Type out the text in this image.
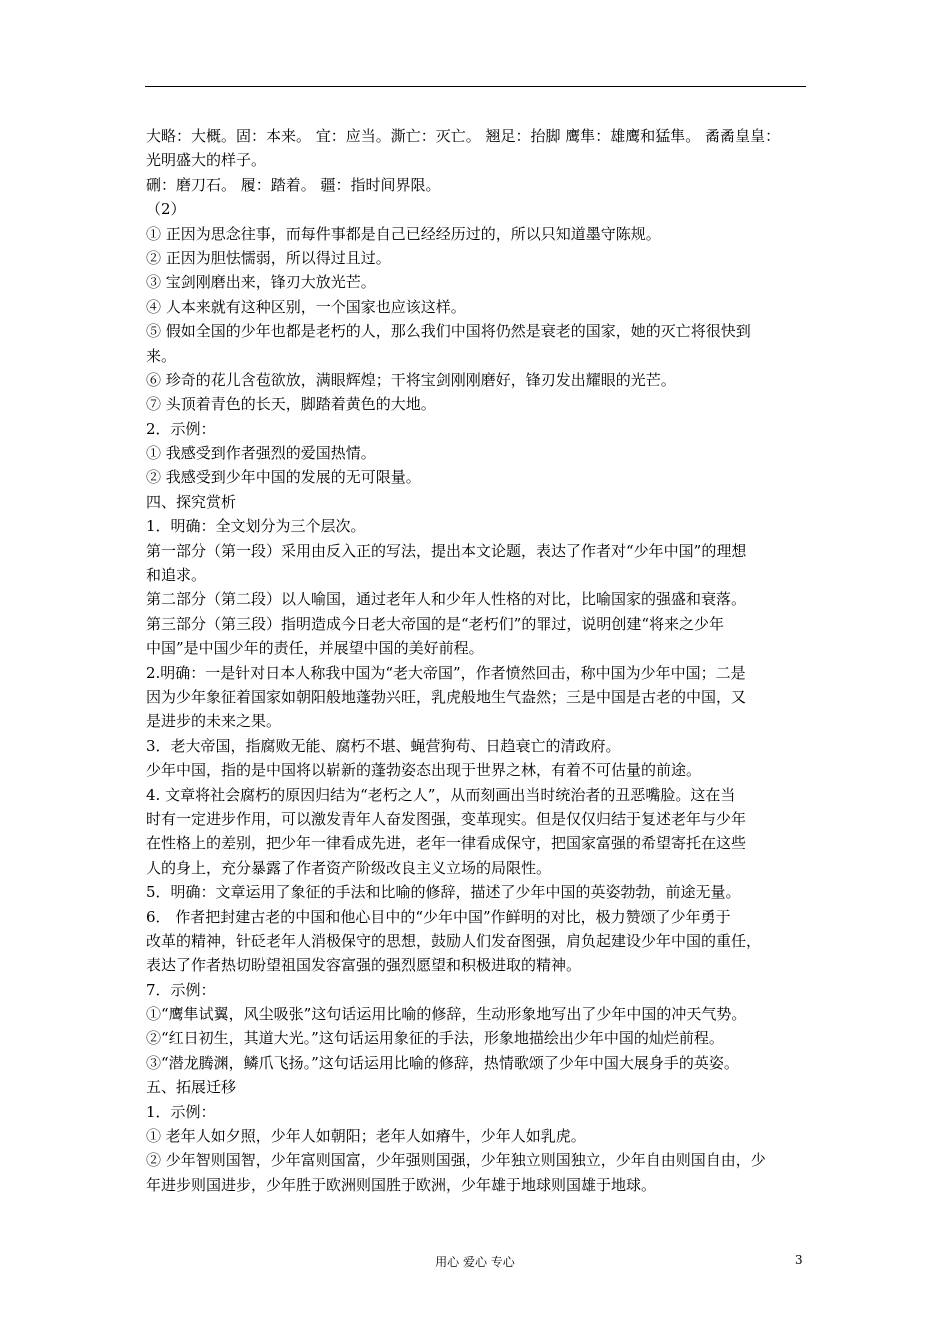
大略：大概。固：本来。 宜：应当。澌亡：灭亡。 翘足：抬脚 鹰隼：雄鹰和猛隼。 矞矞皇皇：
光明盛大的样子。
硎：磨刀石。 履：踏着。 疆：指时间界限。
（2）
① 正因为思念往事，而每件事都是自己已经经历过的，所以只知道墨守陈规。
② 正因为胆怯懦弱，所以得过且过。
③ 宝剑刚磨出来，锋刃大放光芒。
④ 人本来就有这种区别，一个国家也应该这样。
⑤ 假如全国的少年也都是老朽的人，那么我们中国将仍然是衰老的国家，她的灭亡将很快到
来。
⑥ 珍奇的花儿含苞欲放，满眼辉煌；干将宝剑刚刚磨好，锋刃发出耀眼的光芒。
⑦ 头顶着青色的长天，脚踏着黄色的大地。
2．示例：
① 我感受到作者强烈的爱国热情。
② 我感受到少年中国的发展的无可限量。
四、探究赏析
1．明确：全文划分为三个层次。
第一部分（第一段）采用由反入正的写法，提出本文论题，表达了作者对“少年中国”的理想
和追求。
第二部分（第二段）以人喻国，通过老年人和少年人性格的对比，比喻国家的强盛和衰落。
第三部分（第三段）指明造成今日老大帝国的是“老朽们”的罪过，说明创建“将来之少年
中国”是中国少年的责任，并展望中国的美好前程。
2.明确：一是针对日本人称我中国为“老大帝国”，作者愤然回击，称中国为少年中国；二是
因为少年象征着国家如朝阳般地蓬勃兴旺，乳虎般地生气盎然；三是中国是古老的中国，又
是进步的未来之果。
3．老大帝国，指腐败无能、腐朽不堪、蝇营狗苟、日趋衰亡的清政府。
少年中国，指的是中国将以崭新的蓬勃姿态出现于世界之林，有着不可估量的前途。
4. 文章将社会腐朽的原因归结为“老朽之人”，从而刻画出当时统治者的丑恶嘴脸。这在当
时有一定进步作用，可以激发青年人奋发图强，变革现实。但是仅仅归结于复述老年与少年
在性格上的差别，把少年一律看成先进，老年一律看成保守，把国家富强的希望寄托在这些
人的身上，充分暴露了作者资产阶级改良主义立场的局限性。
5．明确：文章运用了象征的手法和比喻的修辞，描述了少年中国的英姿勃勃，前途无量。
6． 作者把封建古老的中国和他心目中的“少年中国”作鲜明的对比，极力赞颂了少年勇于
改革的精神，针砭老年人消极保守的思想，鼓励人们发奋图强，肩负起建设少年中国的重任，
表达了作者热切盼望祖国发容富强的强烈愿望和积极进取的精神。
7．示例：
①“鹰隼试翼，风尘吸张”这句话运用比喻的修辞，生动形象地写出了少年中国的冲天气势。
②“红日初生，其道大光。”这句话运用象征的手法，形象地描绘出少年中国的灿烂前程。
③“潜龙腾渊，鳞爪飞扬。”这句话运用比喻的修辞，热情歌颂了少年中国大展身手的英姿。
五、拓展迁移
1．示例：
① 老年人如夕照，少年人如朝阳；老年人如瘠牛，少年人如乳虎。
② 少年智则国智，少年富则国富，少年强则国强，少年独立则国独立，少年自由则国自由，少
年进步则国进步，少年胜于欧洲则国胜于欧洲，少年雄于地球则国雄于地球。
用心 爱心 专心	3
